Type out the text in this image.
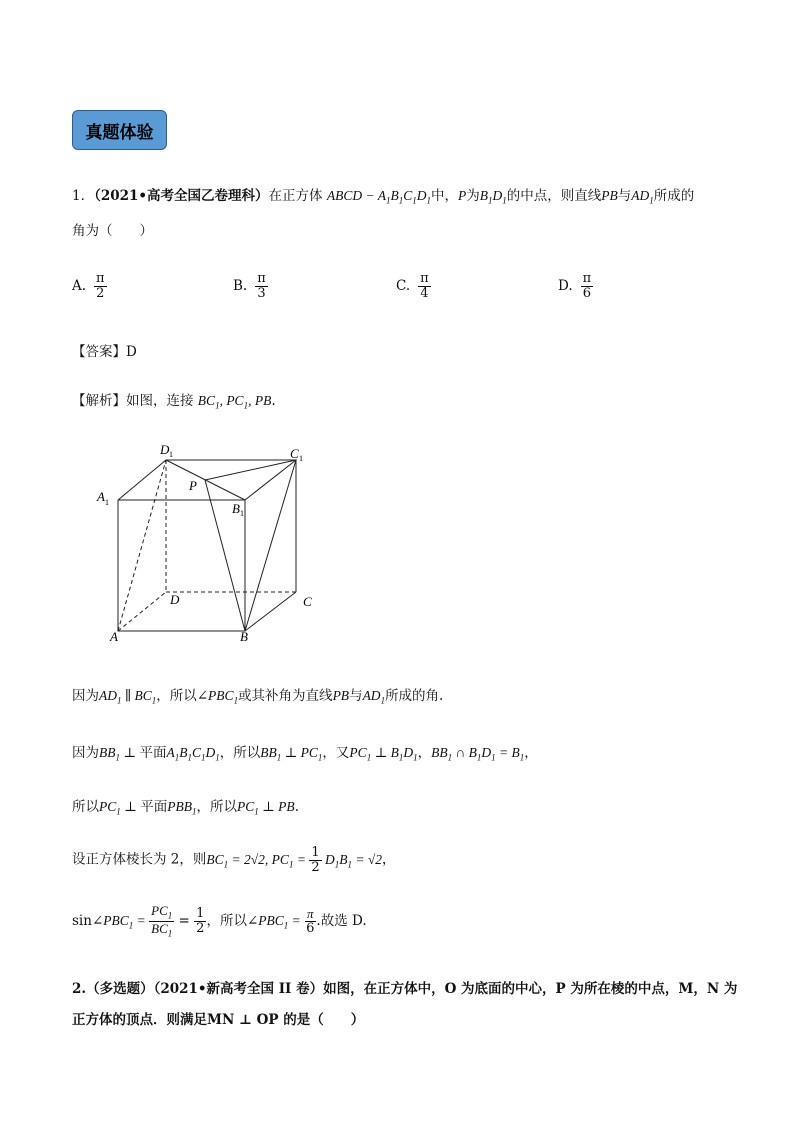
真题体验
1．（2021•高考全国乙卷理科）在正方体 ABCD − $A_1B_1C_1D_1$中，P为$B_1D_1$的中点，则直线PB与$AD_1$所成的
角为（　　）
A. $\frac{\pi}{2}$	B. $\frac{\pi}{3}$	C. $\frac{\pi}{4}$	D. $\frac{\pi}{6}$
【答案】D
【解析】如图，连接 $BC_1$, $PC_1$, PB.
D 1	C 1
A 1	B 1
P
D	C
A	B
因为$AD_1$ ∥ $BC_1$，所以$\angle PBC_1$或其补角为直线PB与$AD_1$所成的角.
因为$BB_1$ ⊥ 平面$A_1B_1C_1D_1$，所以$BB_1$ ⊥ $PC_1$，又$PC_1$ ⊥ $B_1D_1$，$BB_1$ ∩ $B_1D_1 = B_1$，
所以$PC_1$ ⊥ 平面$PBB_1$，所以$PC_1$ ⊥ PB.
设正方体棱长为 2，则$BC_1 = 2√2$, $PC_1 = \frac{1}{2} D_1B_1 = √2$，
$\sin\angle PBC_1 = \frac{PC_1}{BC_1} = \frac{1}{2}$ ，所以$\angle PBC_1 = \frac{\pi}{6}$ .故选 D.
2.（多选题）（2021•新高考全国 II 卷）如图，在正方体中，O 为底面的中心，P 为所在棱的中点，M，N 为
正方体的顶点．则满足MN ⊥ OP 的是（　　）
